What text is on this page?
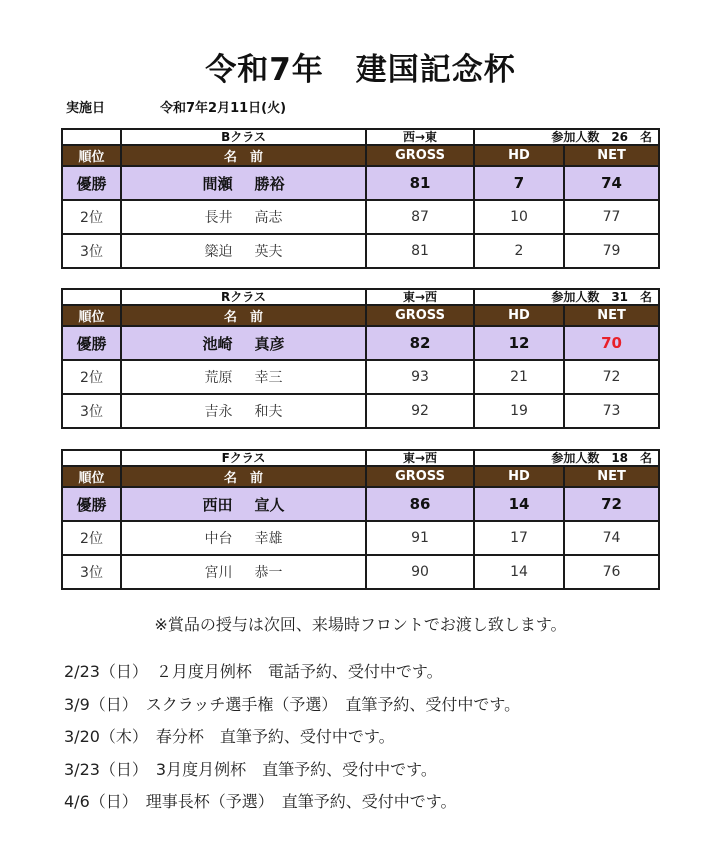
令和7年　建国記念杯
実施日	令和7年2月11日(火)
	Bクラス	西→東	参加人数　26　名	
順位	名　前	GROSS	HD	NET
優勝	間瀬 勝裕	81	7	74
2位	長井 高志	87	10	77
3位	簗迫 英夫	81	2	79
	Rクラス	東→西	参加人数　31　名	
順位	名　前	GROSS	HD	NET
優勝	池崎 真彦	82	12	70
2位	荒原 幸三	93	21	72
3位	吉永 和夫	92	19	73
	Fクラス	東→西	参加人数　18　名	
順位	名　前	GROSS	HD	NET
優勝	西田 宣人	86	14	72
2位	中台 幸雄	91	17	74
3位	宮川 恭一	90	14	76
※賞品の授与は次回、来場時フロントでお渡し致します。
2/23（日）　２月度月例杯　電話予約、受付中です。
3/9（日）　スクラッチ選手権（予選）　直筆予約、受付中です。
3/20（木）　春分杯　直筆予約、受付中です。
3/23（日）　3月度月例杯　直筆予約、受付中です。
4/6（日）　理事長杯（予選）　直筆予約、受付中です。
